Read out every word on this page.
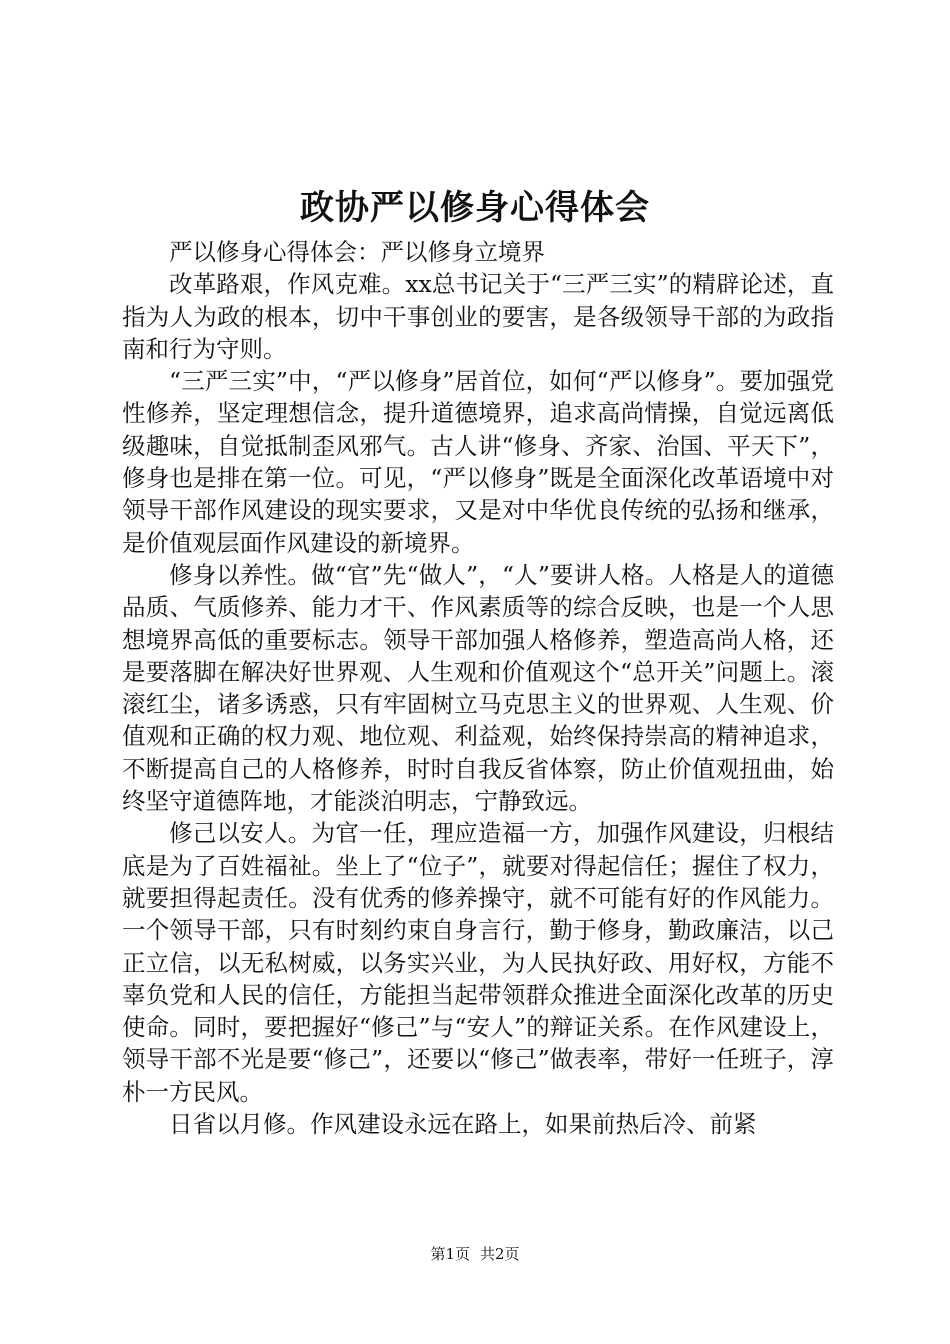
政协严以修身心得体会

严以修身心得体会：严以修身立境界

改革路艰，作风克难。xx总书记关于“三严三实”的精辟论述，直指为人为政的根本，切中干事创业的要害，是各级领导干部的为政指南和行为守则。

“三严三实”中，“严以修身”居首位，如何“严以修身”。要加强党性修养，坚定理想信念，提升道德境界，追求高尚情操，自觉远离低级趣味，自觉抵制歪风邪气。古人讲“修身、齐家、治国、平天下”，修身也是排在第一位。可见，“严以修身”既是全面深化改革语境中对领导干部作风建设的现实要求，又是对中华优良传统的弘扬和继承，是价值观层面作风建设的新境界。

修身以养性。做“官”先“做人”，“人”要讲人格。人格是人的道德品质、气质修养、能力才干、作风素质等的综合反映，也是一个人思想境界高低的重要标志。领导干部加强人格修养，塑造高尚人格，还是要落脚在解决好世界观、人生观和价值观这个“总开关”问题上。滚滚红尘，诸多诱惑，只有牢固树立马克思主义的世界观、人生观、价值观和正确的权力观、地位观、利益观，始终保持崇高的精神追求，不断提高自己的人格修养，时时自我反省体察，防止价值观扭曲，始终坚守道德阵地，才能淡泊明志，宁静致远。

修己以安人。为官一任，理应造福一方，加强作风建设，归根结底是为了百姓福祉。坐上了“位子”，就要对得起信任；握住了权力，就要担得起责任。没有优秀的修养操守，就不可能有好的作风能力。一个领导干部，只有时刻约束自身言行，勤于修身，勤政廉洁，以己正立信，以无私树威，以务实兴业，为人民执好政、用好权，方能不辜负党和人民的信任，方能担当起带领群众推进全面深化改革的历史使命。同时，要把握好“修己”与“安人”的辩证关系。在作风建设上，领导干部不光是要“修己”，还要以“修己”做表率，带好一任班子，淳朴一方民风。

日省以月修。作风建设永远在路上，如果前热后冷、前紧

第1页 共2页
